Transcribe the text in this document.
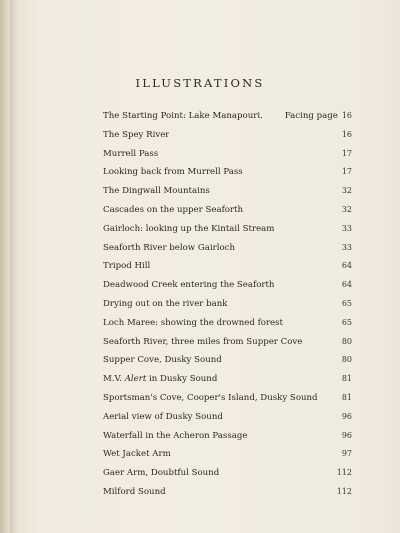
ILLUSTRATIONS
The Starting Point: Lake Manapouri.	Facing page 16
The Spey River	16
Murrell Pass	17
Looking back from Murrell Pass	17
The Dingwall Mountains	32
Cascades on the upper Seaforth	32
Gairloch: looking up the Kintail Stream	33
Seaforth River below Gairloch	33
Tripod Hill	64
Deadwood Creek entering the Seaforth	64
Drying out on the river bank	65
Loch Maree: showing the drowned forest	65
Seaforth River, three miles from Supper Cove	80
Supper Cove, Dusky Sound	80
M.V. Alert in Dusky Sound	81
Sportsman's Cove, Cooper's Island, Dusky Sound	81
Aerial view of Dusky Sound	96
Waterfall in the Acheron Passage	96
Wet Jacket Arm	97
Gaer Arm, Doubtful Sound	112
Milford Sound	112
